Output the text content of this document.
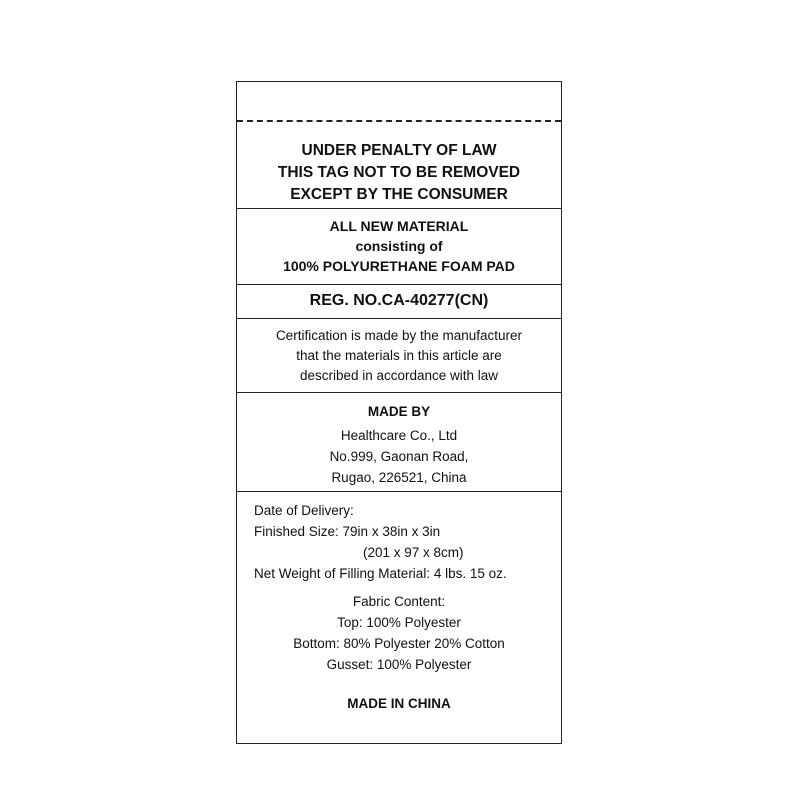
UNDER PENALTY OF LAW
THIS TAG NOT TO BE REMOVED
EXCEPT BY THE CONSUMER
ALL NEW MATERIAL
consisting of
100% POLYURETHANE FOAM PAD
REG. NO.CA-40277(CN)
Certification is made by the manufacturer
that the materials in this article are
described in accordance with law
MADE BY
Healthcare Co., Ltd
No.999, Gaonan Road,
Rugao, 226521, China
Date of Delivery:
Finished Size: 79in x 38in x 3in
(201 x 97 x 8cm)
Net Weight of Filling Material: 4 lbs. 15 oz.
Fabric Content:
Top: 100% Polyester
Bottom: 80% Polyester 20% Cotton
Gusset: 100% Polyester
MADE IN CHINA
